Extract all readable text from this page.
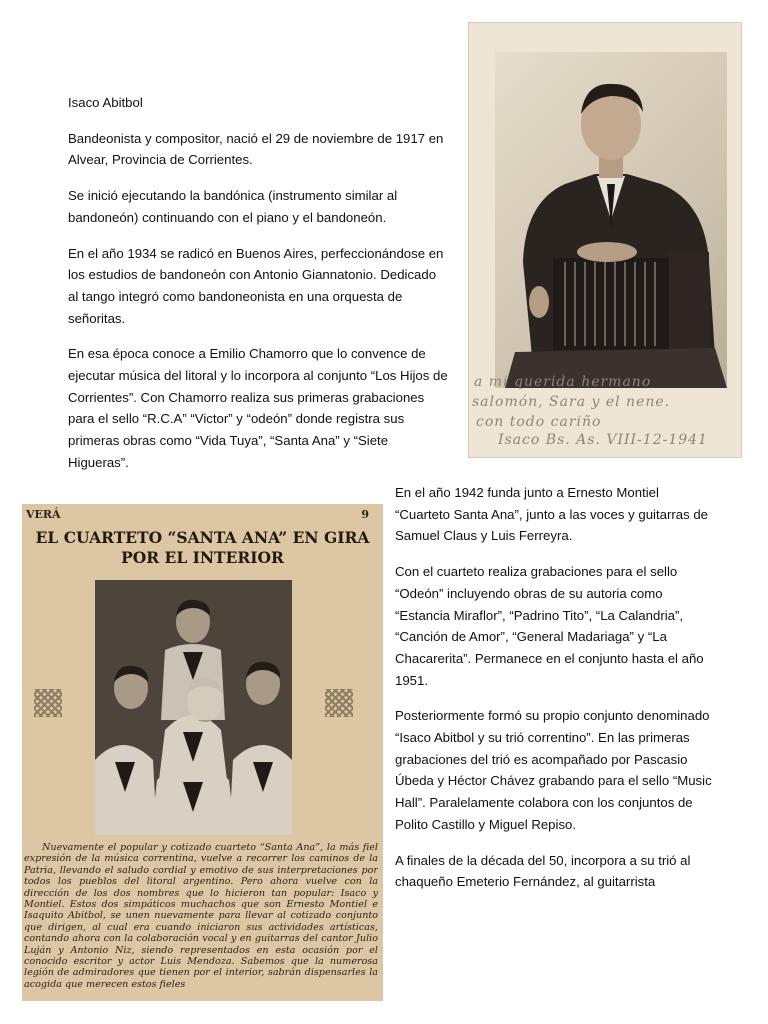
Isaco Abitbol

Bandeonista y compositor, nació el 29 de noviembre de 1917 en Alvear, Provincia de Corrientes.

Se inició ejecutando la bandónica (instrumento similar al bandoneón) continuando con el piano y el bandoneón.

En el año 1934 se radicó en Buenos Aires, perfeccionándose en los estudios de bandoneón con Antonio Giannatonio. Dedicado al tango integró como bandoneonista en una orquesta de señoritas.

En esa época conoce a Emilio Chamorro que lo convence de ejecutar música del litoral y lo incorpora al conjunto “Los Hijos de Corrientes”. Con Chamorro realiza sus primeras grabaciones para el sello “R.C.A” “Victor” y “odeón” donde registra sus primeras obras como “Vida Tuya”, “Santa Ana” y “Siete Higueras”.

a mi querida hermano
salomón, Sara y el nene.
con todo cariño
Isaco Bs. As. VIII-12-1941
VERÁ	9
EL CUARTETO “SANTA ANA” EN GIRA
POR EL INTERIOR
Nuevamente el popular y cotizado cuarteto “Santa Ana”, la más fiel expresión de la música correntina, vuelve a recorrer los caminos de la Patria, llevando el saludo cordial y emotivo de sus interpretaciones por todos los pueblos del litoral argentino. Pero ahora vuelve con la dirección de los dos nombres que lo hicieron tan popular: Isaco y Montiel. Estos dos simpáticos muchachos que son Ernesto Montiel e Isaquito Abitbol, se unen nuevamente para llevar al cotizado conjunto que dirigen, al cual era cuando iniciaron sus actividades artísticas, contando ahora con la colaboración vocal y en guitarras del cantor Julio Luján y Antonio Niz, siendo representados en esta ocasión por el conocido escritor y actor Luis Mendoza. Sabemos que la numerosa legión de admiradores que tienen por el interior, sabrán dispensarles la acogida que merecen estos fieles

En el año 1942 funda junto a Ernesto Montiel “Cuarteto Santa Ana”, junto a las voces y guitarras de Samuel Claus y Luis Ferreyra.

Con el cuarteto realiza grabaciones para el sello “Odeón” incluyendo obras de su autoria como “Estancia Miraflor”, “Padrino Tito”, “La Calandria”, “Canción de Amor”, “General Madariaga” y “La Chacarerita”. Permanece en el conjunto hasta el año 1951.

Posteriormente formó su propio conjunto denominado “Isaco Abitbol y su trió correntino”. En las primeras grabaciones del trió es acompañado por Pascasio Úbeda y Héctor Chávez grabando para el sello “Music Hall”. Paralelamente colabora con los conjuntos de Polito Castillo y Miguel Repiso.

A finales de la década del 50, incorpora a su trió al chaqueño Emeterio Fernández, al guitarrista
